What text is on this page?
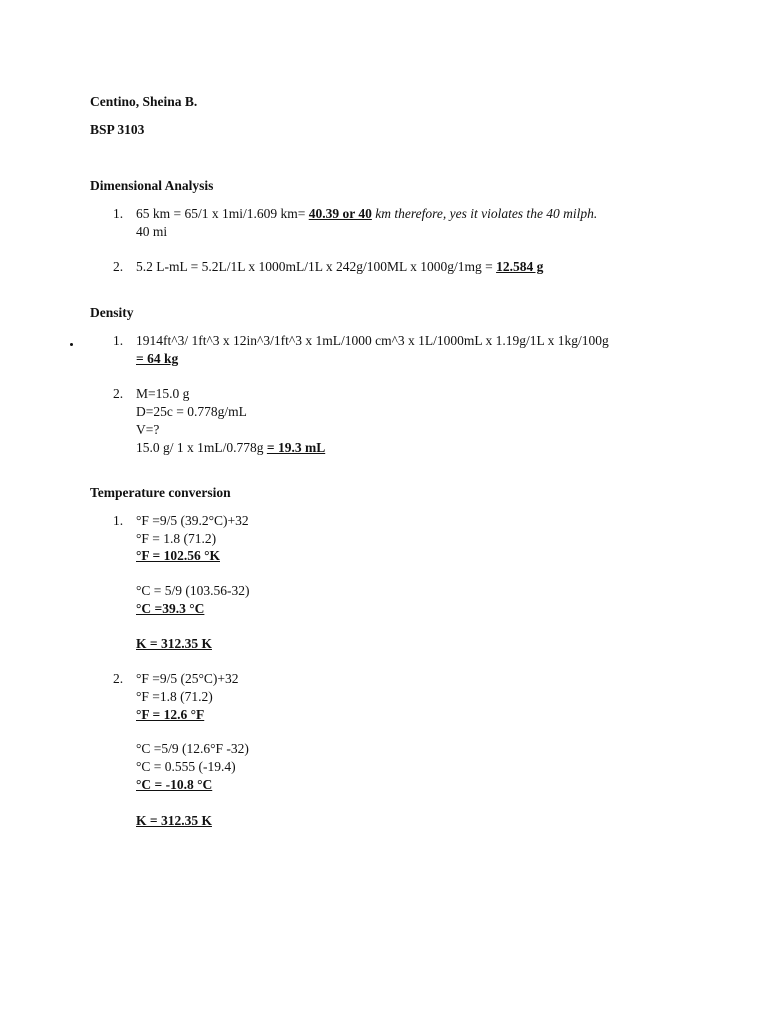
Centino, Sheina B.
BSP 3103
Dimensional Analysis
1. 65 km = 65/1 x 1mi/1.609 km= 40.39 or 40 km therefore, yes it violates the 40 milph.
40 mi
2. 5.2 L-mL = 5.2L/1L x 1000mL/1L x 242g/100ML x 1000g/1mg = 12.584 g
Density
1. 1914ft^3/ 1ft^3 x 12in^3/1ft^3 x 1mL/1000 cm^3 x 1L/1000mL x 1.19g/1L x 1kg/100g
= 64 kg
2. M=15.0 g
D=25c = 0.778g/mL
V=?
15.0 g/ 1 x 1mL/0.778g = 19.3 mL
Temperature conversion
1. °F =9/5 (39.2°C)+32
°F = 1.8 (71.2)
°F = 102.56 °K
°C = 5/9 (103.56-32)
°C =39.3 °C
K = 312.35 K
2. °F =9/5 (25°C)+32
°F =1.8 (71.2)
°F = 12.6 °F
°C =5/9 (12.6°F -32)
°C = 0.555 (-19.4)
°C = -10.8 °C
K = 312.35 K
